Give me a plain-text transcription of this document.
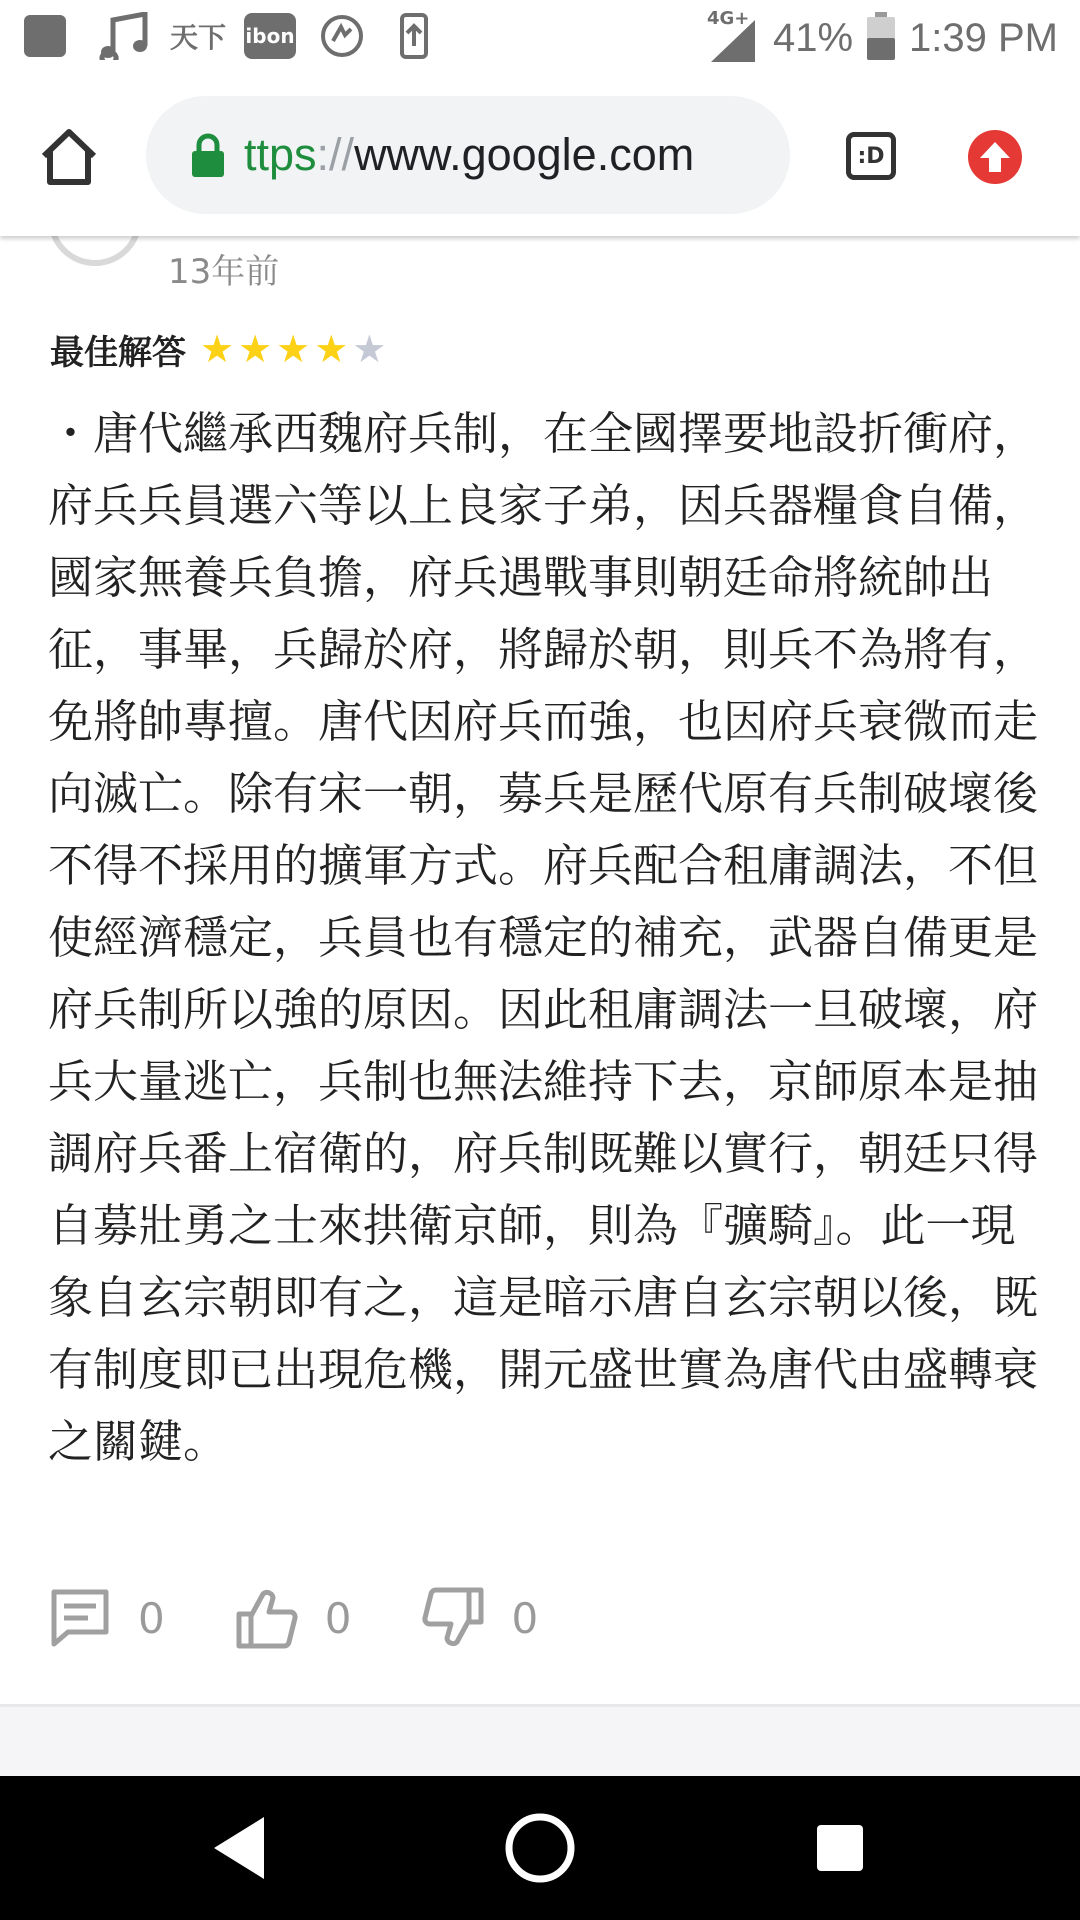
天下 ibon
4G+ 41% 1:39 PM
ttps://www.google.com	:D
13年前
最佳解答 ★ ★ ★ ★ ★
・唐代繼承西魏府兵制，在全國擇要地設折衝府，府兵兵員選六等以上良家子弟，因兵器糧食自備，國家無養兵負擔，府兵遇戰事則朝廷命將統帥出征，事畢，兵歸於府，將歸於朝，則兵不為將有，免將帥專擅。唐代因府兵而強，也因府兵衰微而走向滅亡。除有宋一朝，募兵是歷代原有兵制破壞後不得不採用的擴軍方式。府兵配合租庸調法，不但使經濟穩定，兵員也有穩定的補充，武器自備更是府兵制所以強的原因。因此租庸調法一旦破壞，府兵大量逃亡，兵制也無法維持下去，京師原本是抽調府兵番上宿衛的，府兵制既難以實行，朝廷只得自募壯勇之士來拱衛京師，則為『彍騎』。此一現象自玄宗朝即有之，這是暗示唐自玄宗朝以後，既有制度即已出現危機，開元盛世實為唐代由盛轉衰之關鍵。
0	0	0
